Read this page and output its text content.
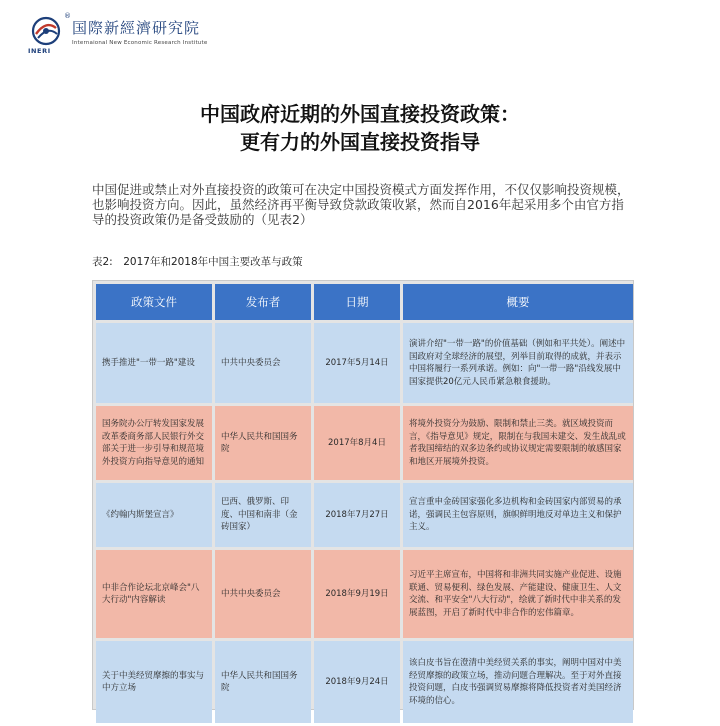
国際新經濟研究院
Internaional New Economic Research Institute
®
INERI
中国政府近期的外国直接投资政策：
更有力的外国直接投资指导
中国促进或禁止对外直接投资的政策可在决定中国投资模式方面发挥作用，不仅仅影响投资规模，也影响投资方向。因此，虽然经济再平衡导致贷款政策收紧，然而自2016年起采用多个由官方指导的投资政策仍是备受鼓励的（见表2）
表2:　2017年和2018年中国主要改革与政策
政策文件	发布者	日期	概要
携手推进"一带一路"建设	中共中央委员会	2017年5月14日	演讲介绍"一带一路"的价值基础（例如和平共处）。阐述中国政府对全球经济的展望，列举目前取得的成就，并表示中国将履行一系列承诺。例如：向"一带一路"沿线发展中国家提供20亿元人民币紧急粮食援助。
国务院办公厅转发国家发展改革委商务部人民银行外交部关于进一步引导和规范境外投资方向指导意见的通知	中华人民共和国国务院	2017年8月4日	将境外投资分为鼓励、限制和禁止三类。就区域投资而言，《指导意见》规定，限制在与我国未建交、发生战乱或者我国缔结的双多边条约或协议规定需要限制的敏感国家和地区开展境外投资。
《约翰内斯堡宣言》	巴西、俄罗斯、印度、中国和南非（金砖国家）	2018年7月27日	宣言重申金砖国家强化多边机构和金砖国家内部贸易的承诺，强调民主包容原则，旗帜鲜明地反对单边主义和保护主义。
中非合作论坛北京峰会"八大行动"内容解读	中共中央委员会	2018年9月19日	习近平主席宣布，中国将和非洲共同实施产业促进、设施联通、贸易便利、绿色发展、产能建设、健康卫生、人文交流、和平安全"八大行动"，绘就了新时代中非关系的发展蓝图，开启了新时代中非合作的宏伟篇章。
关于中美经贸摩擦的事实与中方立场	中华人民共和国国务院	2018年9月24日	该白皮书旨在澄清中美经贸关系的事实，阐明中国对中美经贸摩擦的政策立场，推动问题合理解决。至于对外直接投资问题，白皮书强调贸易摩擦将降低投资者对美国经济环境的信心。
